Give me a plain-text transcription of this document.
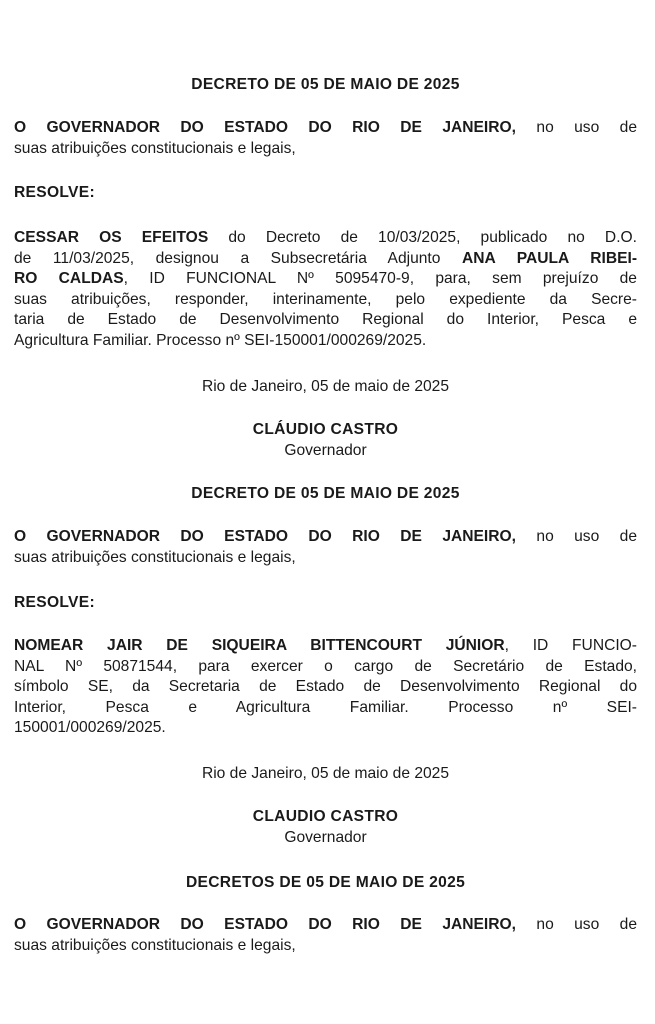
DECRETO DE 05 DE MAIO DE 2025
O GOVERNADOR DO ESTADO DO RIO DE JANEIRO, no uso de
suas atribuições constitucionais e legais,
RESOLVE:
CESSAR OS EFEITOS do Decreto de 10/03/2025, publicado no D.O.
de 11/03/2025, designou a Subsecretária Adjunto ANA PAULA RIBEI-
RO CALDAS, ID FUNCIONAL Nº 5095470-9, para, sem prejuízo de
suas atribuições, responder, interinamente, pelo expediente da Secre-
taria de Estado de Desenvolvimento Regional do Interior, Pesca e
Agricultura Familiar. Processo nº SEI-150001/000269/2025.
Rio de Janeiro, 05 de maio de 2025
CLÁUDIO CASTRO
Governador
DECRETO DE 05 DE MAIO DE 2025
O GOVERNADOR DO ESTADO DO RIO DE JANEIRO, no uso de
suas atribuições constitucionais e legais,
RESOLVE:
NOMEAR JAIR DE SIQUEIRA BITTENCOURT JÚNIOR, ID FUNCIO-
NAL Nº 50871544, para exercer o cargo de Secretário de Estado,
símbolo SE, da Secretaria de Estado de Desenvolvimento Regional do
Interior, Pesca e Agricultura Familiar. Processo nº SEI-
150001/000269/2025.
Rio de Janeiro, 05 de maio de 2025
CLAUDIO CASTRO
Governador
DECRETOS DE 05 DE MAIO DE 2025
O GOVERNADOR DO ESTADO DO RIO DE JANEIRO, no uso de
suas atribuições constitucionais e legais,
